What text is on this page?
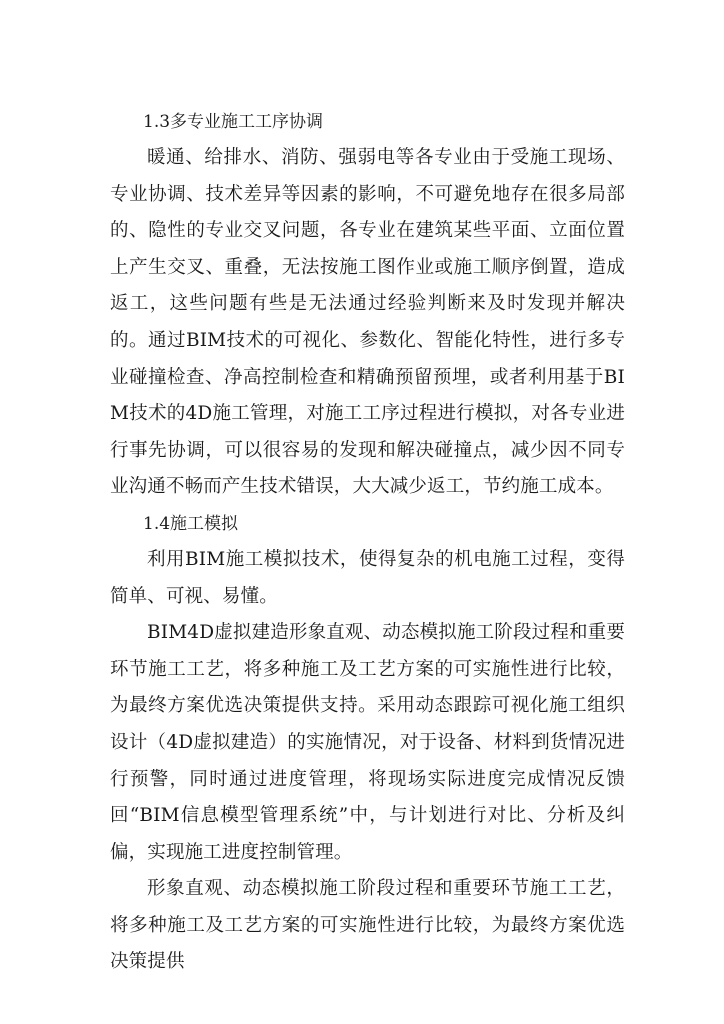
1.3多专业施工工序协调

暖通、给排水、消防、强弱电等各专业由于受施工现场、专业协调、技术差异等因素的影响，不可避免地存在很多局部的、隐性的专业交叉问题，各专业在建筑某些平面、立面位置上产生交叉、重叠，无法按施工图作业或施工顺序倒置，造成返工，这些问题有些是无法通过经验判断来及时发现并解决的。通过BIM技术的可视化、参数化、智能化特性，进行多专业碰撞检查、净高控制检查和精确预留预埋，或者利用基于BIM技术的4D施工管理，对施工工序过程进行模拟，对各专业进行事先协调，可以很容易的发现和解决碰撞点，减少因不同专业沟通不畅而产生技术错误，大大减少返工，节约施工成本。

1.4施工模拟

利用BIM施工模拟技术，使得复杂的机电施工过程，变得简单、可视、易懂。

BIM4D虚拟建造形象直观、动态模拟施工阶段过程和重要环节施工工艺，将多种施工及工艺方案的可实施性进行比较，为最终方案优选决策提供支持。采用动态跟踪可视化施工组织设计（4D虚拟建造）的实施情况，对于设备、材料到货情况进行预警，同时通过进度管理，将现场实际进度完成情况反馈回“BIM信息模型管理系统”中，与计划进行对比、分析及纠偏，实现施工进度控制管理。

形象直观、动态模拟施工阶段过程和重要环节施工工艺，将多种施工及工艺方案的可实施性进行比较，为最终方案优选决策提供
